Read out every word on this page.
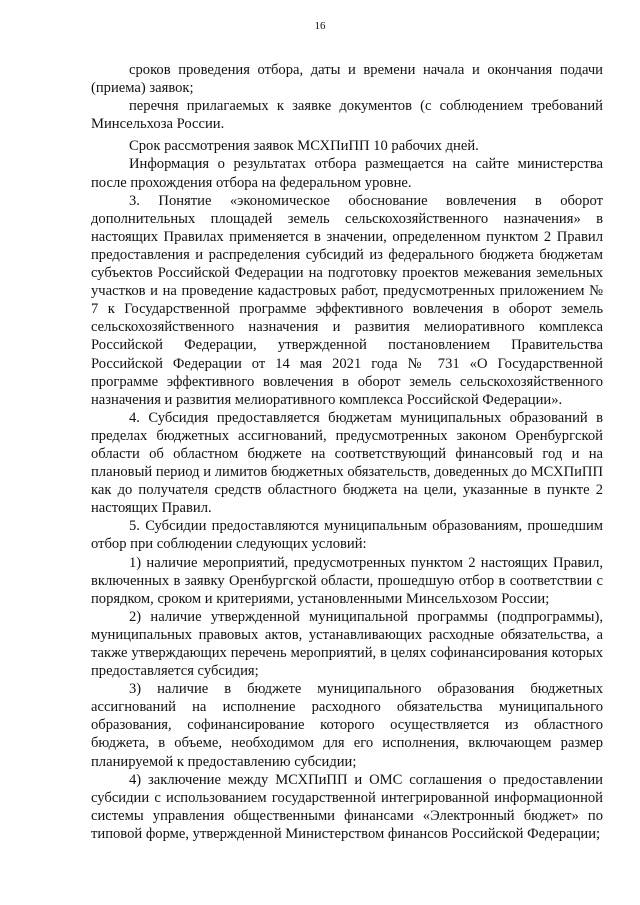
16

сроков проведения отбора, даты и времени начала и окончания подачи (приема) заявок;

перечня прилагаемых к заявке документов (с соблюдением требований Минсельхоза России.

Срок рассмотрения заявок МСХПиПП 10 рабочих дней.

Информация о результатах отбора размещается на сайте министерства после прохождения отбора на федеральном уровне.

3. Понятие «экономическое обоснование вовлечения в оборот дополнительных площадей земель сельскохозяйственного назначения» в настоящих Правилах применяется в значении, определенном пунктом 2 Правил предоставления и распределения субсидий из федерального бюджета бюджетам субъектов Российской Федерации на подготовку проектов межевания земельных участков и на проведение кадастровых работ, предусмотренных приложением № 7 к Государственной программе эффективного вовлечения в оборот земель сельскохозяйственного назначения и развития мелиоративного комплекса Российской Федерации, утвержденной постановлением Правительства Российской Федерации от 14 мая 2021 года № 731 «О Государственной программе эффективного вовлечения в оборот земель сельскохозяйственного назначения и развития мелиоративного комплекса Российской Федерации».

4. Субсидия предоставляется бюджетам муниципальных образований в пределах бюджетных ассигнований, предусмотренных законом Оренбургской области об областном бюджете на соответствующий финансовый год и на плановый период и лимитов бюджетных обязательств, доведенных до МСХПиПП как до получателя средств областного бюджета на цели, указанные в пункте 2 настоящих Правил.

5. Субсидии предоставляются муниципальным образованиям, прошедшим отбор при соблюдении следующих условий:

1) наличие мероприятий, предусмотренных пунктом 2 настоящих Правил, включенных в заявку Оренбургской области, прошедшую отбор в соответствии с порядком, сроком и критериями, установленными Минсельхозом России;

2) наличие утвержденной муниципальной программы (подпрограммы), муниципальных правовых актов, устанавливающих расходные обязательства, а также утверждающих перечень мероприятий, в целях софинансирования которых предоставляется субсидия;

3) наличие в бюджете муниципального образования бюджетных ассигнований на исполнение расходного обязательства муниципального образования, софинансирование которого осуществляется из областного бюджета, в объеме, необходимом для его исполнения, включающем размер планируемой к предоставлению субсидии;

4) заключение между МСХПиПП и ОМС соглашения о предоставлении субсидии с использованием государственной интегрированной информационной системы управления общественными финансами «Электронный бюджет» по типовой форме, утвержденной Министерством финансов Российской Федерации;
